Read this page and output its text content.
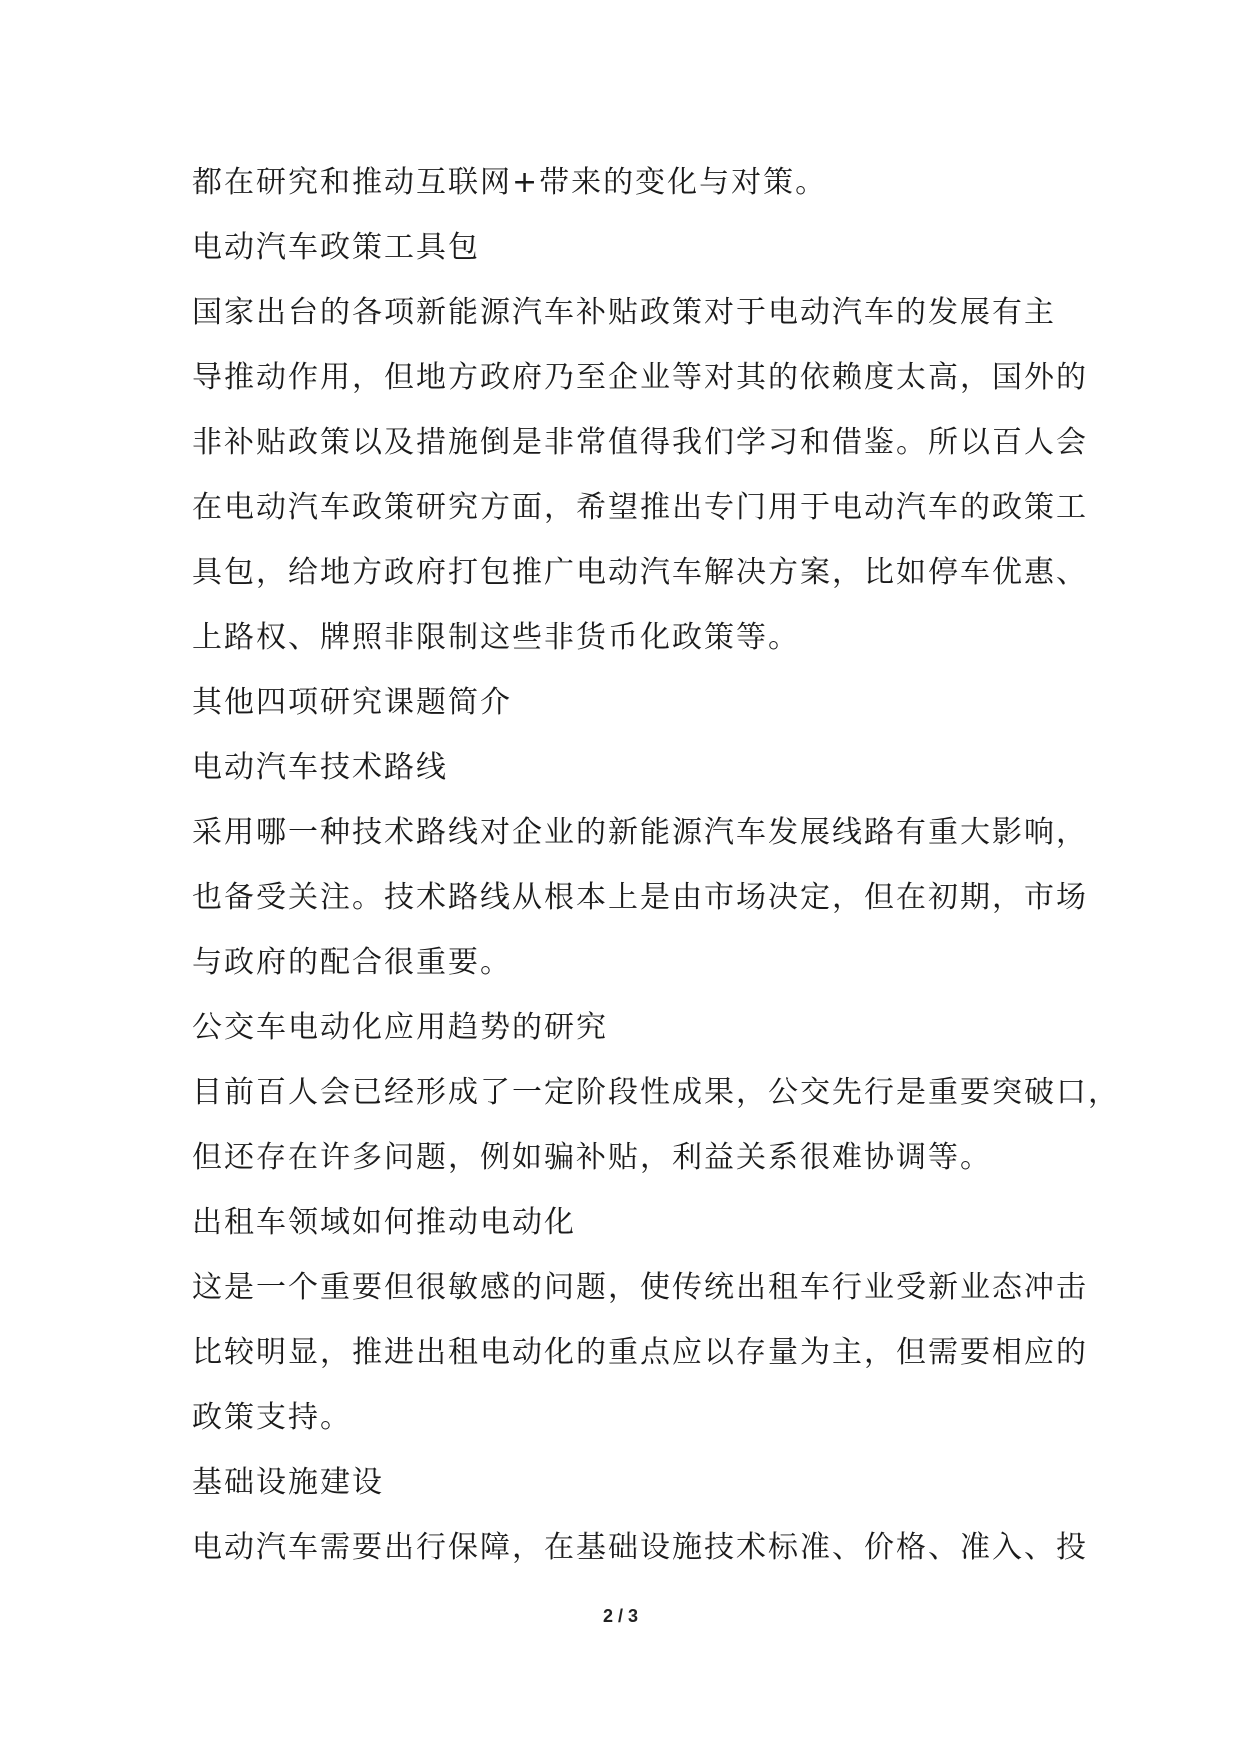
都在研究和推动互联网+带来的变化与对策。
电动汽车政策工具包
国家出台的各项新能源汽车补贴政策对于电动汽车的发展有主
导推动作用，但地方政府乃至企业等对其的依赖度太高，国外的
非补贴政策以及措施倒是非常值得我们学习和借鉴。所以百人会
在电动汽车政策研究方面，希望推出专门用于电动汽车的政策工
具包，给地方政府打包推广电动汽车解决方案，比如停车优惠、
上路权、牌照非限制这些非货币化政策等。
其他四项研究课题简介
电动汽车技术路线
采用哪一种技术路线对企业的新能源汽车发展线路有重大影响，
也备受关注。技术路线从根本上是由市场决定，但在初期，市场
与政府的配合很重要。
公交车电动化应用趋势的研究
目前百人会已经形成了一定阶段性成果，公交先行是重要突破口，
但还存在许多问题，例如骗补贴，利益关系很难协调等。
出租车领域如何推动电动化
这是一个重要但很敏感的问题，使传统出租车行业受新业态冲击
比较明显，推进出租电动化的重点应以存量为主，但需要相应的
政策支持。
基础设施建设
电动汽车需要出行保障，在基础设施技术标准、价格、准入、投
2 / 3
